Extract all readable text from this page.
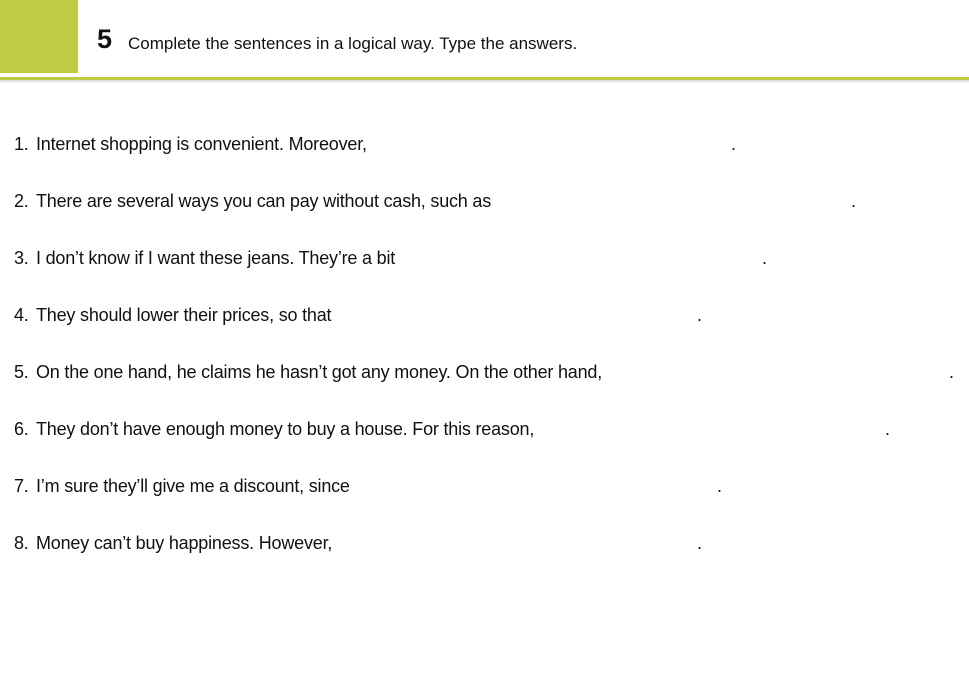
5 Complete the sentences in a logical way. Type the answers.
1. Internet shopping is convenient. Moreover,	.
2. There are several ways you can pay without cash, such as	.
3. I don’t know if I want these jeans. They’re a bit	.
4. They should lower their prices, so that	.
5. On the one hand, he claims he hasn’t got any money. On the other hand,	.
6. They don’t have enough money to buy a house. For this reason,	.
7. I’m sure they’ll give me a discount, since	.
8. Money can’t buy happiness. However,	.
